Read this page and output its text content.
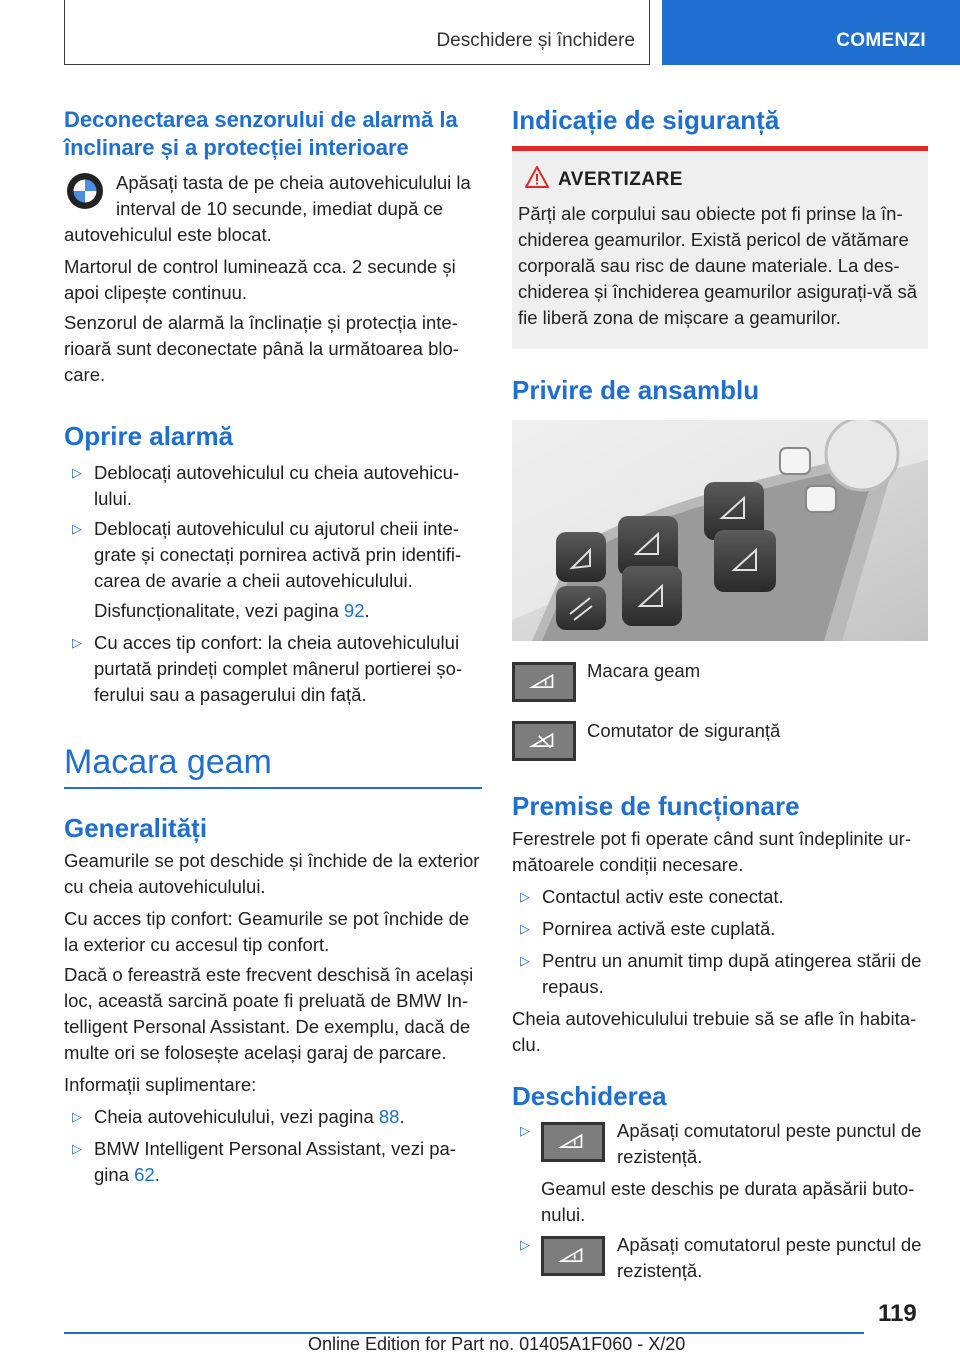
Deschidere și închidere	COMENZI
Deconectarea senzorului de alarmă la înclinare și a protecției interioare
Apăsați tasta de pe cheia autovehiculului la interval de 10 secunde, imediat după ce
autovehiculul este blocat.
Martorul de control luminează cca. 2 secunde și apoi clipește continuu.
Senzorul de alarmă la înclinație și protecția interioară sunt deconectate până la următoarea blocare.
Oprire alarmă
▷ Deblocați autovehiculul cu cheia autovehiculului.
▷ Deblocați autovehiculul cu ajutorul cheii integrate și conectați pornirea activă prin identificarea de avarie a cheii autovehiculului.
Disfuncționalitate, vezi pagina 92.
▷ Cu acces tip confort: la cheia autovehiculului purtată prindeți complet mânerul portierei șoferului sau a pasagerului din față.
Macara geam
Generalități
Geamurile se pot deschide și închide de la exterior cu cheia autovehiculului.
Cu acces tip confort: Geamurile se pot închide de la exterior cu accesul tip confort.
Dacă o fereastră este frecvent deschisă în același loc, această sarcină poate fi preluată de BMW Intelligent Personal Assistant. De exemplu, dacă de multe ori se folosește același garaj de parcare.
Informații suplimentare:
▷ Cheia autovehiculului, vezi pagina 88.
▷ BMW Intelligent Personal Assistant, vezi pagina 62.
Indicație de siguranță
AVERTIZARE
Părți ale corpului sau obiecte pot fi prinse la închiderea geamurilor. Există pericol de vătămare corporală sau risc de daune materiale. La deschiderea și închiderea geamurilor asigurați-vă să fie liberă zona de mișcare a geamurilor.
Privire de ansamblu
Macara geam
Comutator de siguranță
Premise de funcționare
Ferestrele pot fi operate când sunt îndeplinite următoarele condiții necesare.
▷ Contactul activ este conectat.
▷ Pornirea activă este cuplată.
▷ Pentru un anumit timp după atingerea stării de repaus.
Cheia autovehiculului trebuie să se afle în habitaclu.
Deschiderea
▷	Apăsați comutatorul peste punctul de rezistență.
Geamul este deschis pe durata apăsării butonului.
▷	Apăsați comutatorul peste punctul de rezistență.
119
Online Edition for Part no. 01405A1F060 - X/20
